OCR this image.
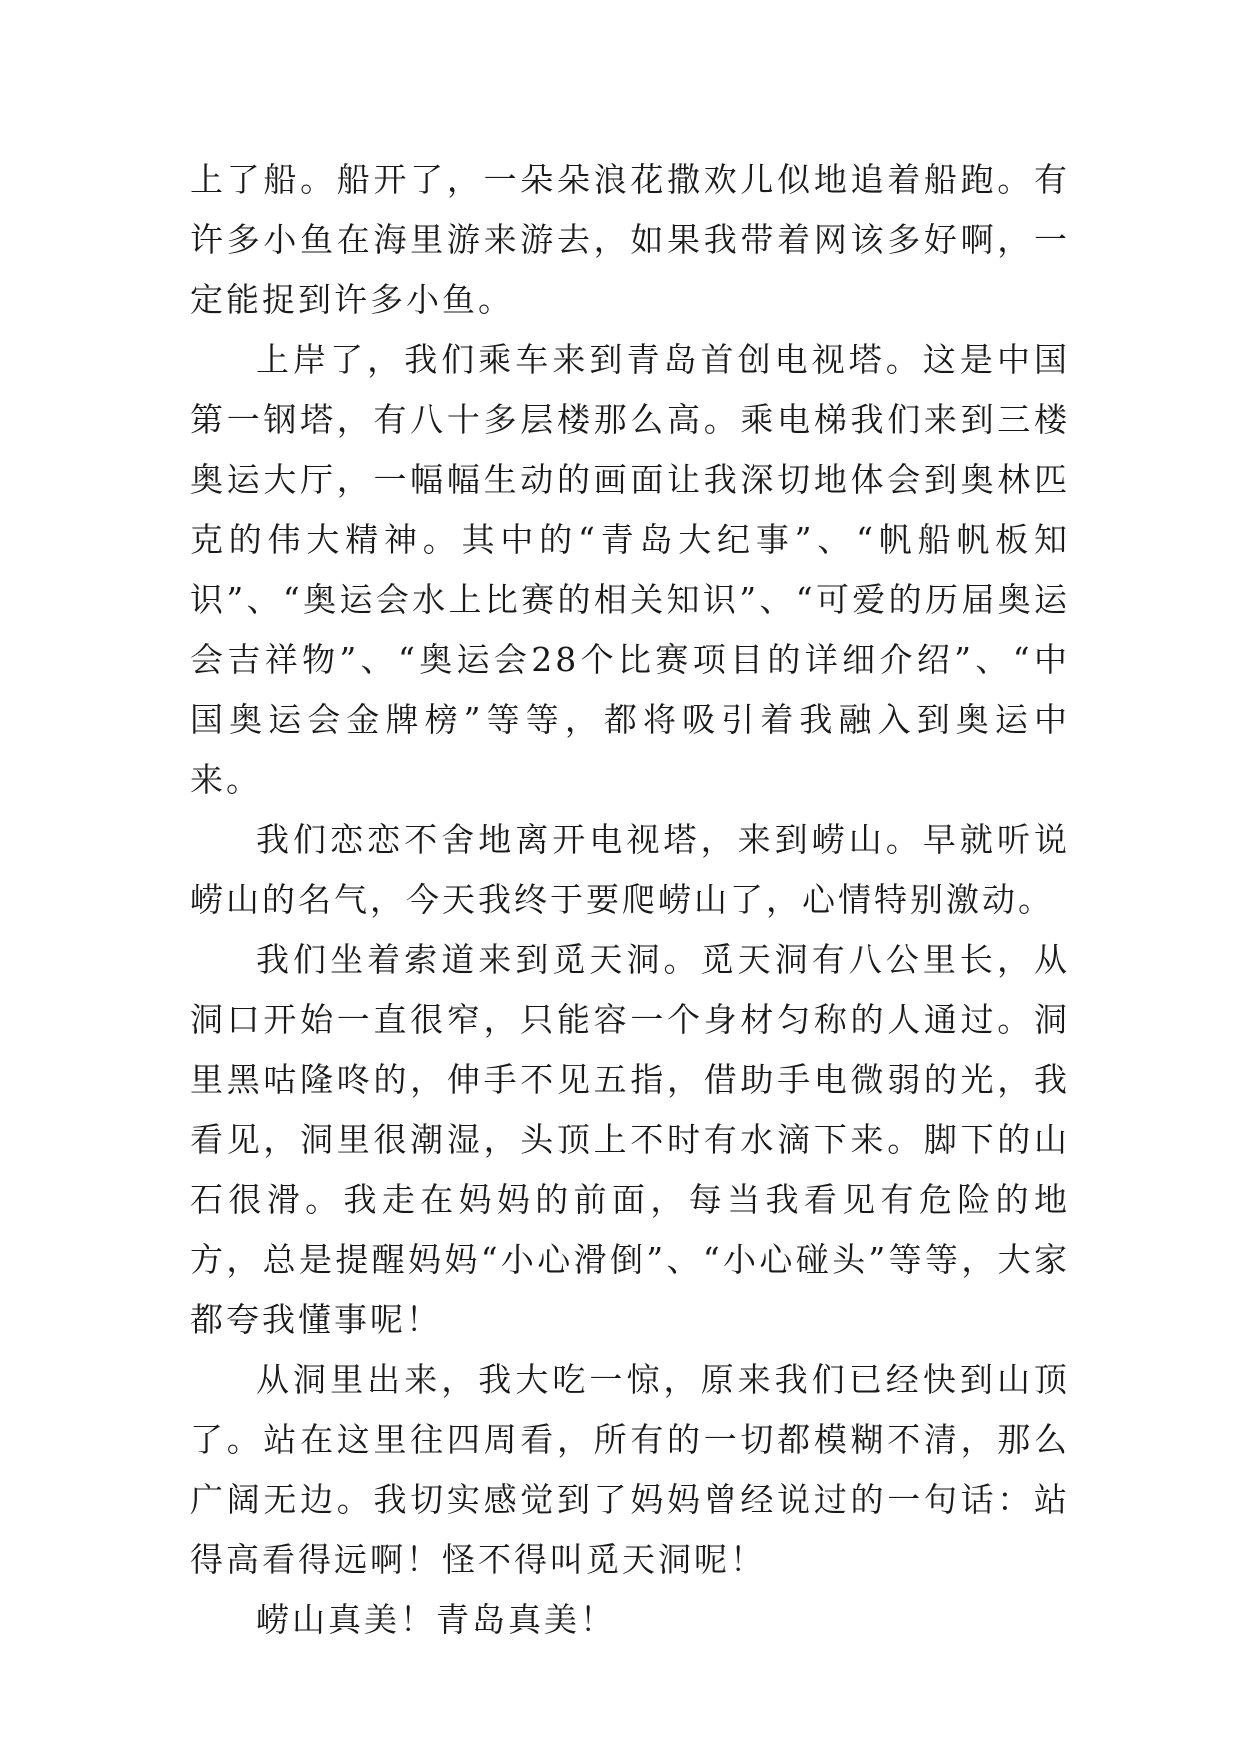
上了船。船开了，一朵朵浪花撒欢儿似地追着船跑。有许多小鱼在海里游来游去，如果我带着网该多好啊，一定能捉到许多小鱼。

上岸了，我们乘车来到青岛首创电视塔。这是中国第一钢塔，有八十多层楼那么高。乘电梯我们来到三楼奥运大厅，一幅幅生动的画面让我深切地体会到奥林匹克的伟大精神。其中的“青岛大纪事”、“帆船帆板知识”、“奥运会水上比赛的相关知识”、“可爱的历届奥运会吉祥物”、“奥运会28个比赛项目的详细介绍”、“中国奥运会金牌榜”等等，都将吸引着我融入到奥运中来。

我们恋恋不舍地离开电视塔，来到崂山。早就听说崂山的名气，今天我终于要爬崂山了，心情特别激动。

我们坐着索道来到觅天洞。觅天洞有八公里长，从洞口开始一直很窄，只能容一个身材匀称的人通过。洞里黑咕隆咚的，伸手不见五指，借助手电微弱的光，我看见，洞里很潮湿，头顶上不时有水滴下来。脚下的山石很滑。我走在妈妈的前面，每当我看见有危险的地方，总是提醒妈妈“小心滑倒”、“小心碰头”等等，大家都夸我懂事呢！

从洞里出来，我大吃一惊，原来我们已经快到山顶了。站在这里往四周看，所有的一切都模糊不清，那么广阔无边。我切实感觉到了妈妈曾经说过的一句话：站得高看得远啊！怪不得叫觅天洞呢！

崂山真美！青岛真美！
